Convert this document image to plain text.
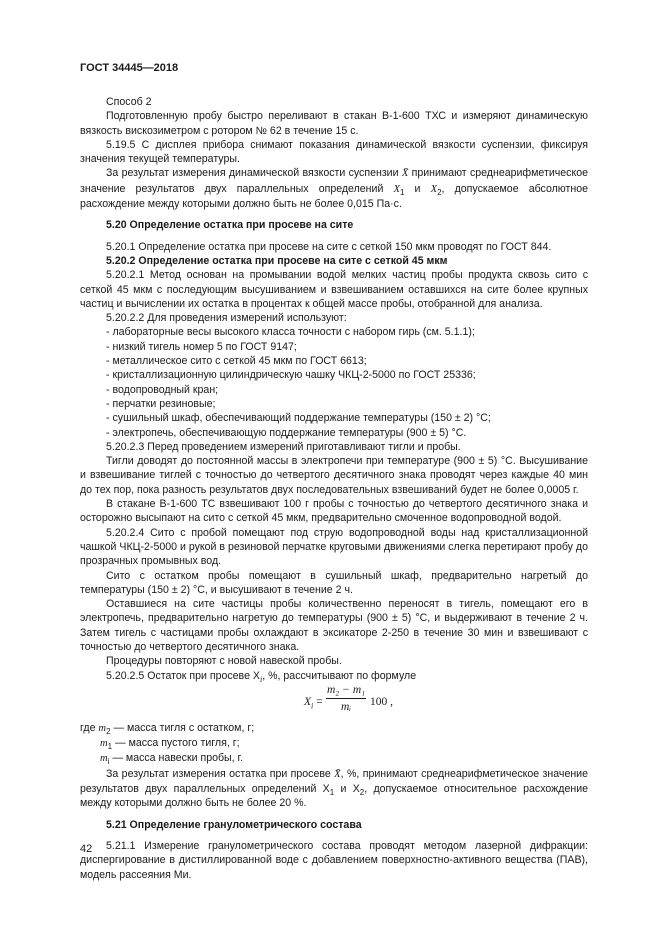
ГОСТ 34445—2018

Способ 2

Подготовленную пробу быстро переливают в стакан В-1-600 ТХС и измеряют динамическую вязкость вискозиметром с ротором № 62 в течение 15 с.

5.19.5 С дисплея прибора снимают показания динамической вязкости суспензии, фиксируя значения текущей температуры.

За результат измерения динамической вязкости суспензии X̄ принимают среднеарифметическое значение результатов двух параллельных определений $X_1$ и $X_2$, допускаемое абсолютное расхождение между которыми должно быть не более 0,015 Па·с.

5.20 Определение остатка при просеве на сите

5.20.1 Определение остатка при просеве на сите с сеткой 150 мкм проводят по ГОСТ 844.

5.20.2 Определение остатка при просеве на сите с сеткой 45 мкм

5.20.2.1 Метод основан на промывании водой мелких частиц пробы продукта сквозь сито с сеткой 45 мкм с последующим высушиванием и взвешиванием оставшихся на сите более крупных частиц и вычислении их остатка в процентах к общей массе пробы, отобранной для анализа.

5.20.2.2 Для проведения измерений используют:

- лабораторные весы высокого класса точности с набором гирь (см. 5.1.1);

- низкий тигель номер 5 по ГОСТ 9147;

- металлическое сито с сеткой 45 мкм по ГОСТ 6613;

- кристаллизационную цилиндрическую чашку ЧКЦ-2-5000 по ГОСТ 25336;

- водопроводный кран;

- перчатки резиновые;

- сушильный шкаф, обеспечивающий поддержание температуры (150 ± 2) °С;

- электропечь, обеспечивающую поддержание температуры (900 ± 5) °С.

5.20.2.3 Перед проведением измерений приготавливают тигли и пробы.

Тигли доводят до постоянной массы в электропечи при температуре (900 ± 5) °С. Высушивание и взвешивание тиглей с точностью до четвертого десятичного знака проводят через каждые 40 мин до тех пор, пока разность результатов двух последовательных взвешиваний будет не более 0,0005 г.

В стакане В-1-600 ТС взвешивают 100 г пробы с точностью до четвертого десятичного знака и осторожно высыпают на сито с сеткой 45 мкм, предварительно смоченное водопроводной водой.

5.20.2.4 Сито с пробой помещают под струю водопроводной воды над кристаллизационной чашкой ЧКЦ-2-5000 и рукой в резиновой перчатке круговыми движениями слегка перетирают пробу до прозрачных промывных вод.

Сито с остатком пробы помещают в сушильный шкаф, предварительно нагретый до температуры (150 ± 2) °С, и высушивают в течение 2 ч.

Оставшиеся на сите частицы пробы количественно переносят в тигель, помещают его в электропечь, предварительно нагретую до температуры (900 ± 5) °С, и выдерживают в течение 2 ч. Затем тигель с частицами пробы охлаждают в эксикаторе 2-250 в течение 30 мин и взвешивают с точностью до четвертого десятичного знака.

Процедуры повторяют с новой навеской пробы.

5.20.2.5 Остаток при просеве $X_i$, %, рассчитывают по формуле

$X_i = \frac{\text{m₂ − m₁}}{\text{mᵢ}} 100$ ,

где $m_2$ — масса тигля с остатком, г;

$m_1$ — масса пустого тигля, г;

$m_i$ — масса навески пробы, г.

За результат измерения остатка при просеве X̄, %, принимают среднеарифметическое значение результатов двух параллельных определений $X_1$ и $X_2$, допускаемое относительное расхождение между которыми должно быть не более 20 %.

5.21 Определение гранулометрического состава

5.21.1 Измерение гранулометрического состава проводят методом лазерной дифракции: диспергирование в дистиллированной воде с добавлением поверхностно-активного вещества (ПАВ), модель рассеяния Ми.

42
